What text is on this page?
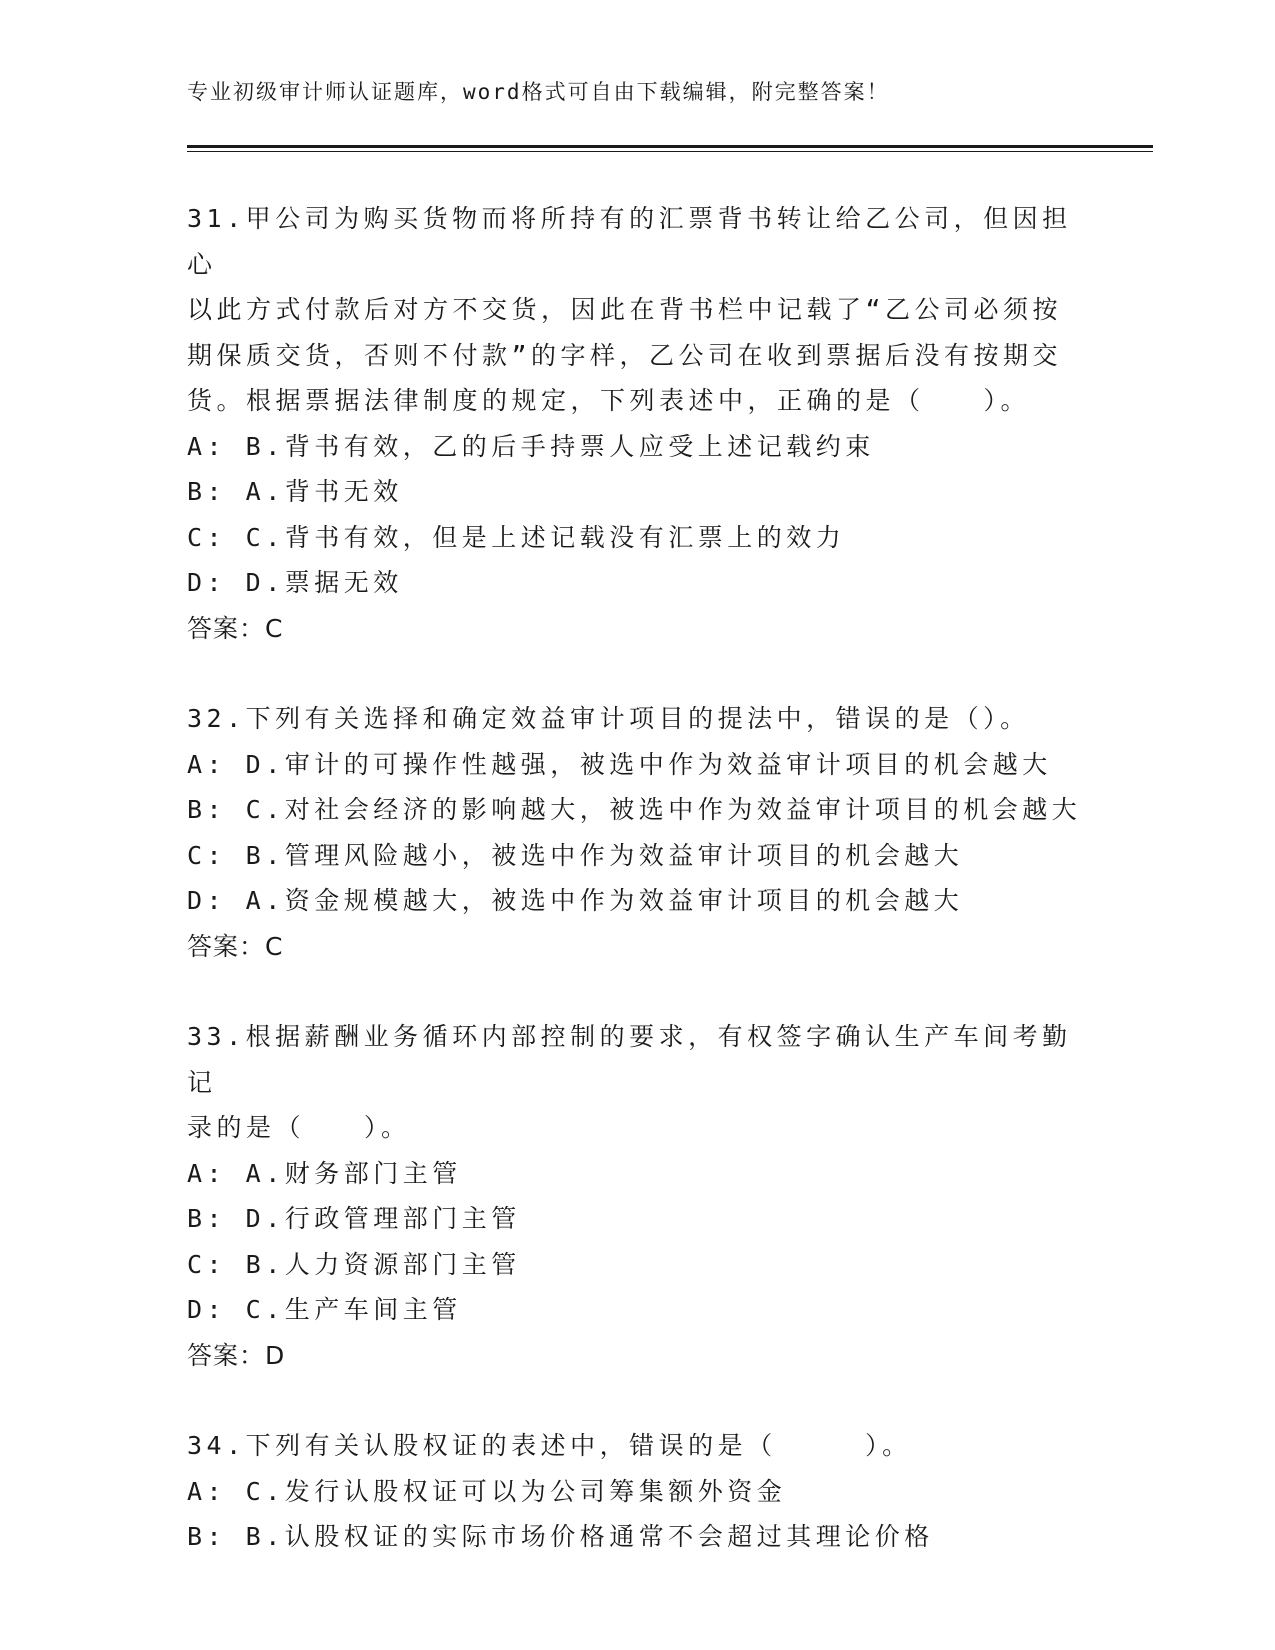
专业初级审计师认证题库，word格式可自由下载编辑，附完整答案！
31.甲公司为购买货物而将所持有的汇票背书转让给乙公司，但因担心
以此方式付款后对方不交货，因此在背书栏中记载了“乙公司必须按
期保质交货，否则不付款”的字样，乙公司在收到票据后没有按期交
货。根据票据法律制度的规定，下列表述中，正确的是（　　）。
A: B.背书有效，乙的后手持票人应受上述记载约束
B: A.背书无效
C: C.背书有效，但是上述记载没有汇票上的效力
D: D.票据无效
答案：C
32.下列有关选择和确定效益审计项目的提法中，错误的是（）。
A: D.审计的可操作性越强，被选中作为效益审计项目的机会越大
B: C.对社会经济的影响越大，被选中作为效益审计项目的机会越大
C: B.管理风险越小，被选中作为效益审计项目的机会越大
D: A.资金规模越大，被选中作为效益审计项目的机会越大
答案：C
33.根据薪酬业务循环内部控制的要求，有权签字确认生产车间考勤记
录的是（　　）。
A: A.财务部门主管
B: D.行政管理部门主管
C: B.人力资源部门主管
D: C.生产车间主管
答案：D
34.下列有关认股权证的表述中，错误的是（　　　）。
A: C.发行认股权证可以为公司筹集额外资金
B: B.认股权证的实际市场价格通常不会超过其理论价格
